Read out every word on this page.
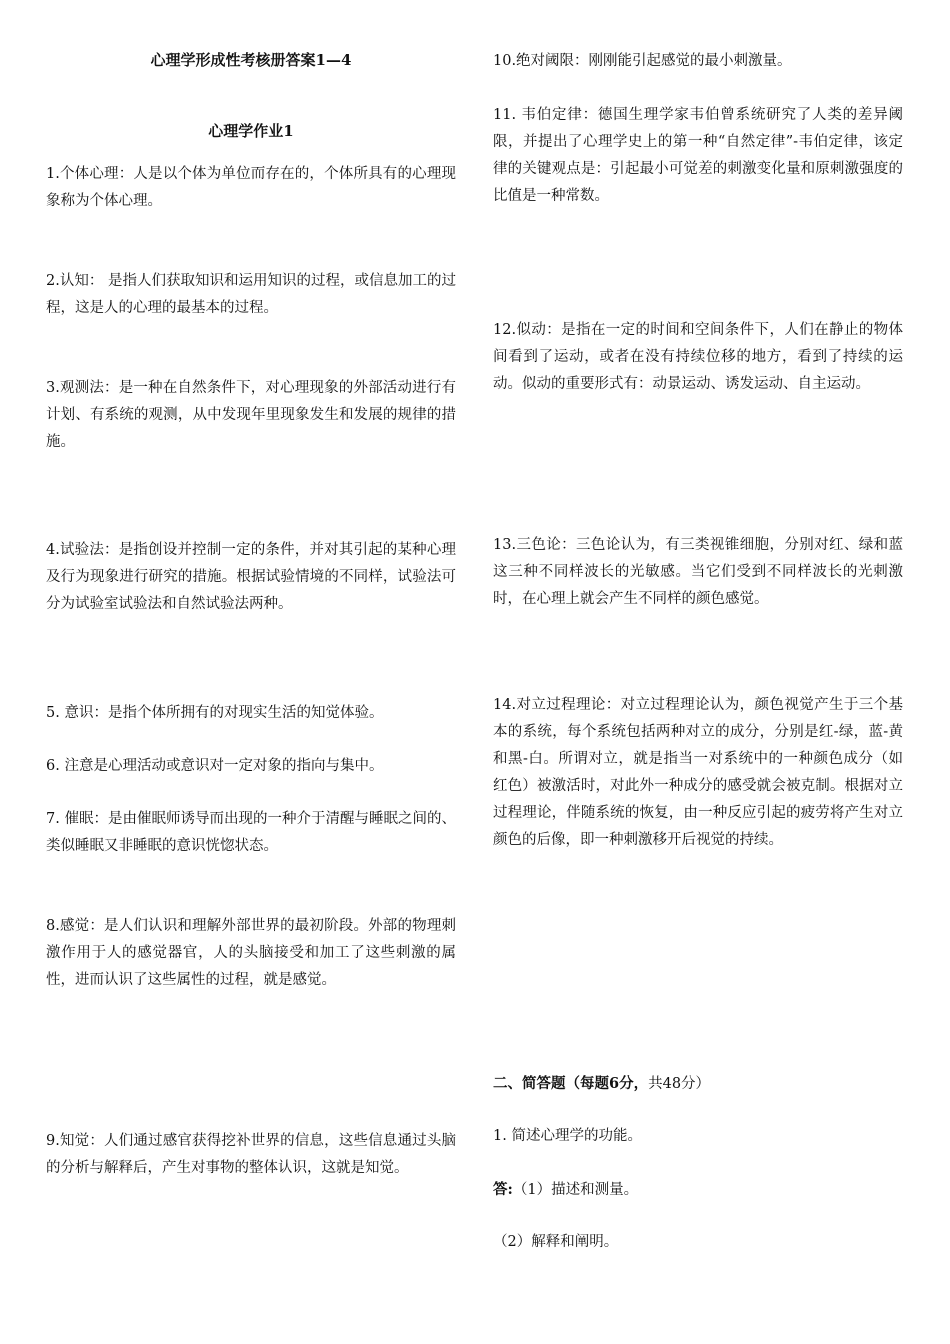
心理学形成性考核册答案1—4
心理学作业1

1.个体心理：人是以个体为单位而存在的，个体所具有的心理现象称为个体心理。

2.认知： 是指人们获取知识和运用知识的过程，或信息加工的过程，这是人的心理的最基本的过程。

3.观测法：是一种在自然条件下，对心理现象的外部活动进行有计划、有系统的观测，从中发现年里现象发生和发展的规律的措施。

4.试验法：是指创设并控制一定的条件，并对其引起的某种心理及行为现象进行研究的措施。根据试验情境的不同样，试验法可分为试验室试验法和自然试验法两种。

5. 意识：是指个体所拥有的对现实生活的知觉体验。

6. 注意是心理活动或意识对一定对象的指向与集中。

7. 催眠：是由催眠师诱导而出现的一种介于清醒与睡眠之间的、类似睡眠又非睡眠的意识恍惚状态。

8.感觉：是人们认识和理解外部世界的最初阶段。外部的物理刺激作用于人的感觉器官，人的头脑接受和加工了这些刺激的属性，进而认识了这些属性的过程，就是感觉。

9.知觉：人们通过感官获得挖补世界的信息，这些信息通过头脑的分析与解释后，产生对事物的整体认识，这就是知觉。

10.绝对阈限：刚刚能引起感觉的最小刺激量。

11. 韦伯定律：德国生理学家韦伯曾系统研究了人类的差异阈限，并提出了心理学史上的第一种“自然定律”-韦伯定律，该定律的关键观点是：引起最小可觉差的刺激变化量和原刺激强度的比值是一种常数。

12.似动：是指在一定的时间和空间条件下，人们在静止的物体间看到了运动，或者在没有持续位移的地方，看到了持续的运动。似动的重要形式有：动景运动、诱发运动、自主运动。

13.三色论：三色论认为，有三类视锥细胞，分别对红、绿和蓝这三种不同样波长的光敏感。当它们受到不同样波长的光刺激时，在心理上就会产生不同样的颜色感觉。

14.对立过程理论：对立过程理论认为，颜色视觉产生于三个基本的系统，每个系统包括两种对立的成分，分别是红-绿，蓝-黄和黑-白。所谓对立，就是指当一对系统中的一种颜色成分（如红色）被激活时，对此外一种成分的感受就会被克制。根据对立过程理论，伴随系统的恢复，由一种反应引起的疲劳将产生对立颜色的后像，即一种刺激移开后视觉的持续。

二、简答题（每题6分，共48分）

1. 简述心理学的功能。

答:（1）描述和测量。

（2）解释和阐明。
